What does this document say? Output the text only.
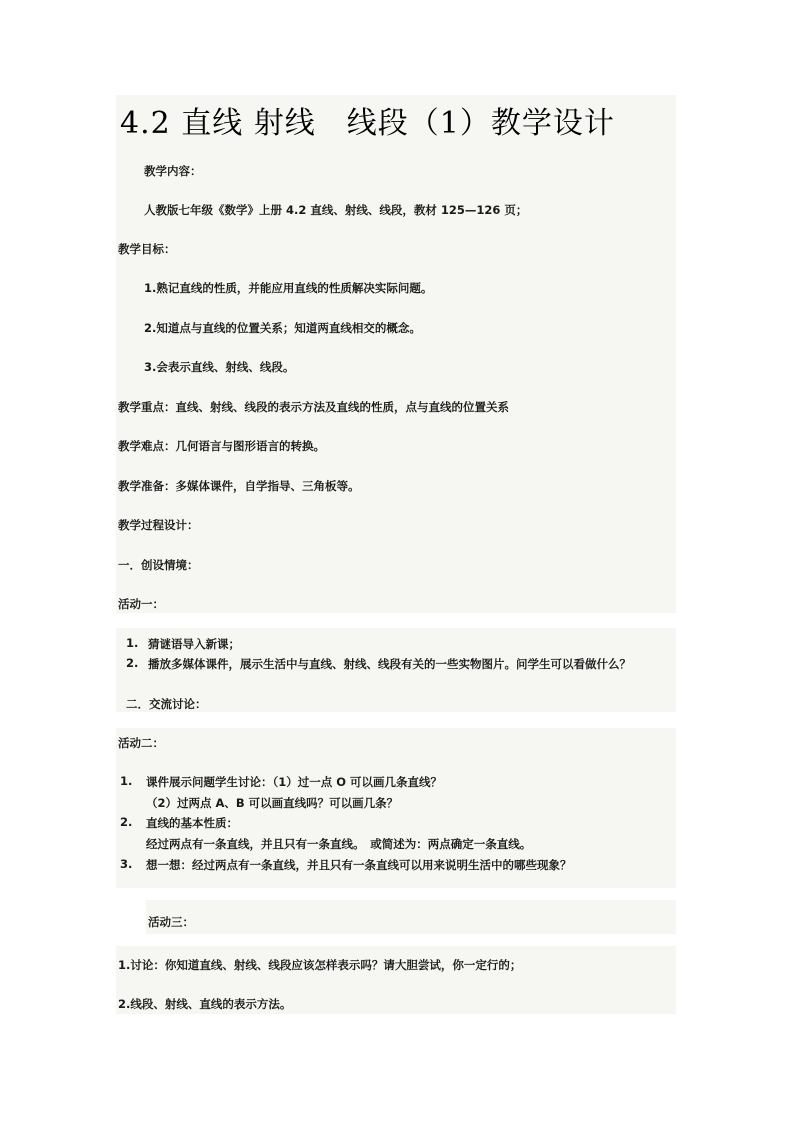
4.2 直线 射线　线段（1）教学设计
教学内容：
人教版七年级《数学》上册 4.2 直线、射线、线段，教材 125—126 页；
教学目标：
1.熟记直线的性质，并能应用直线的性质解决实际问题。
2.知道点与直线的位置关系；知道两直线相交的概念。
3.会表示直线、射线、线段。
教学重点：直线、射线、线段的表示方法及直线的性质，点与直线的位置关系
教学难点：几何语言与图形语言的转换。
教学准备：多媒体课件，自学指导、三角板等。
教学过程设计：
一．创设情境：
活动一：
1. 猜谜语导入新课；
2. 播放多媒体课件，展示生活中与直线、射线、线段有关的一些实物图片。问学生可以看做什么？
二．交流讨论：
活动二：
1. 课件展示问题学生讨论：（1）过一点 O 可以画几条直线？
（2）过两点 A、B 可以画直线吗？可以画几条？
2. 直线的基本性质：
经过两点有一条直线，并且只有一条直线。　或简述为：两点确定一条直线。
3. 想一想：经过两点有一条直线，并且只有一条直线可以用来说明生活中的哪些现象？
活动三：
1.讨论：你知道直线、射线、线段应该怎样表示吗？请大胆尝试，你一定行的；
2.线段、射线、直线的表示方法。
